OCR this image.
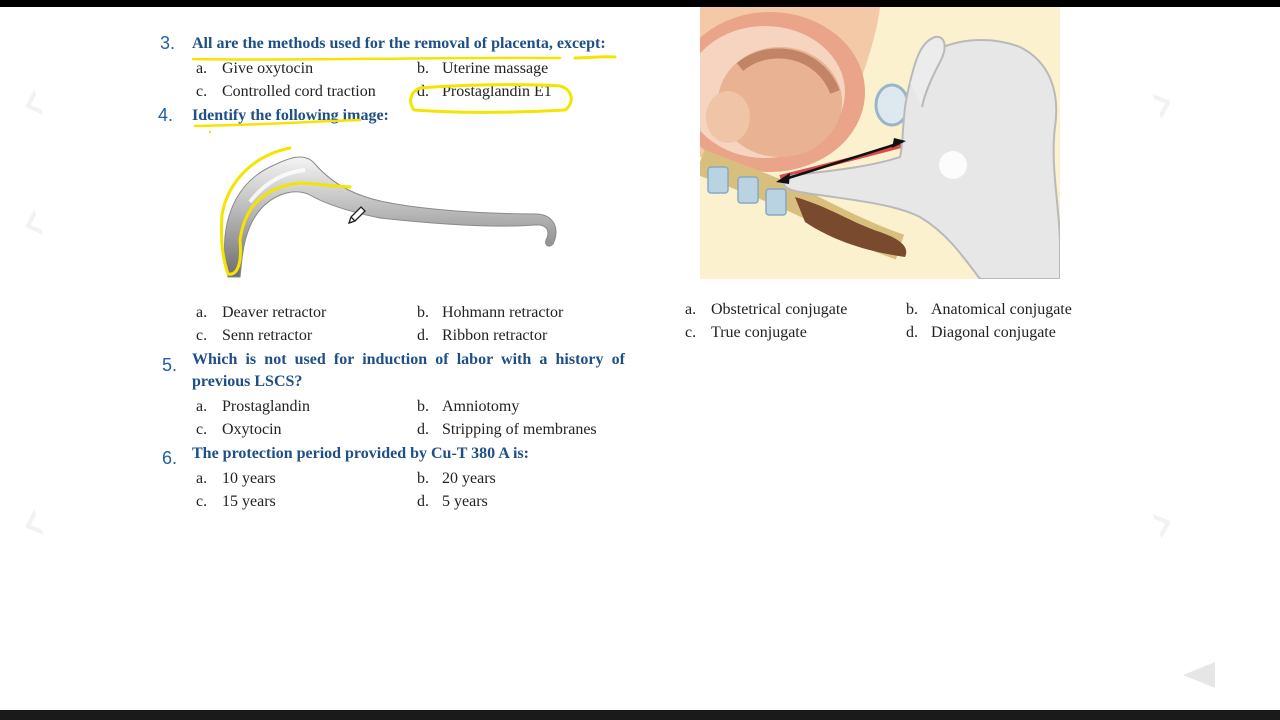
‹
‹
‹
›
›
3. All are the methods used for the removal of placenta, except:
a. Give oxytocin	b. Uterine massage
c. Controlled cord traction	d. Prostaglandin E1
4. Identify the following image:
a. Deaver retractor	b. Hohmann retractor
c. Senn retractor	d. Ribbon retractor
5. Which is not used for induction of labor with a history of
previous LSCS?
a. Prostaglandin	b. Amniotomy
c. Oxytocin	d. Stripping of membranes
6. The protection period provided by Cu-T 380 A is:
a. 10 years	b. 20 years
c. 15 years	d. 5 years
a. Obstetrical conjugate	b. Anatomical conjugate
c. True conjugate	d. Diagonal conjugate
